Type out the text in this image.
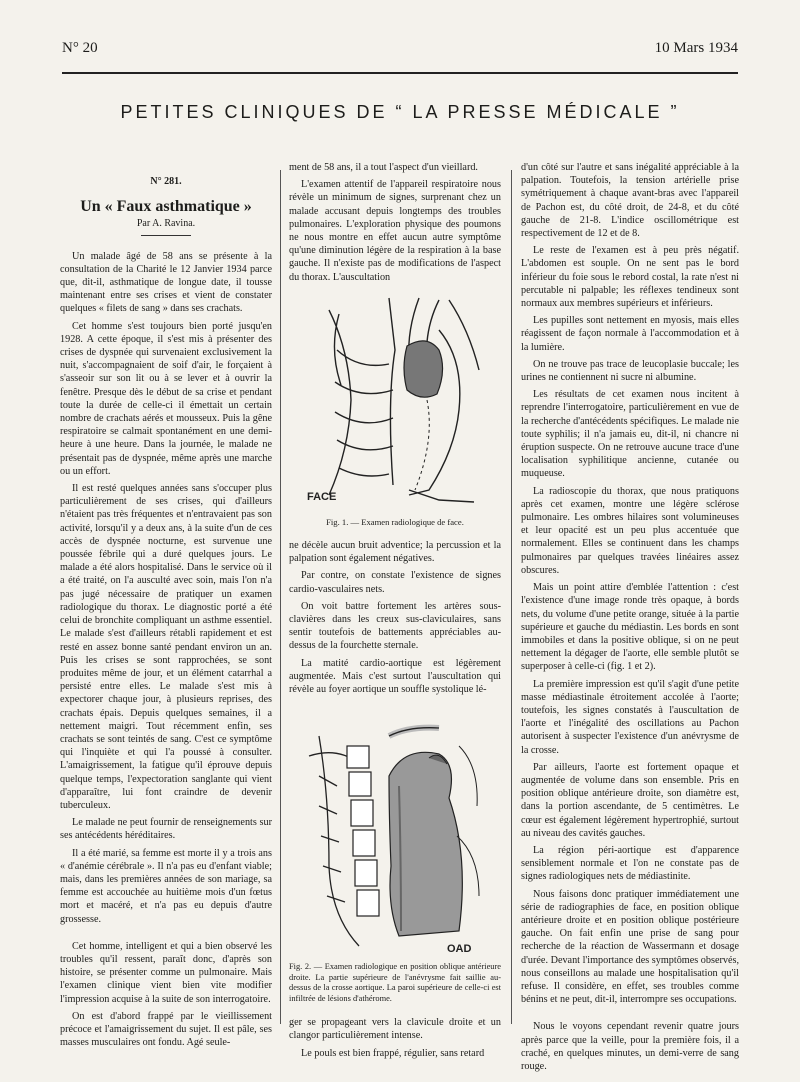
N° 20	10 Mars 1934
PETITES CLINIQUES DE “ LA PRESSE MÉDICALE ”
N° 281.
Un « Faux asthmatique »
Par A. Ravina.

Un malade âgé de 58 ans se présente à la consultation de la Charité le 12 Janvier 1934 parce que, dit-il, asthmatique de longue date, il tousse maintenant entre ses crises et vient de constater quelques « filets de sang » dans ses crachats.

Cet homme s'est toujours bien porté jusqu'en 1928. A cette époque, il s'est mis à présenter des crises de dyspnée qui survenaient exclusivement la nuit, s'accompagnaient de soif d'air, le forçaient à s'asseoir sur son lit ou à se lever et à ouvrir la fenêtre. Presque dès le début de sa crise et pendant toute la durée de celle-ci il émettait un certain nombre de crachats aérés et mousseux. Puis la gêne respiratoire se calmait spontanément en une demi-heure à une heure. Dans la journée, le malade ne présentait pas de dyspnée, même après une marche ou un effort.

Il est resté quelques années sans s'occuper plus particulièrement de ses crises, qui d'ailleurs n'étaient pas très fréquentes et n'entravaient pas son activité, lorsqu'il y a deux ans, à la suite d'un de ces accès de dyspnée nocturne, est survenue une poussée fébrile qui a duré quelques jours. Le malade a été alors hospitalisé. Dans le service où il a été traité, on l'a ausculté avec soin, mais l'on n'a pas jugé nécessaire de pratiquer un examen radiologique du thorax. Le diagnostic porté a été celui de bronchite compliquant un asthme essentiel. Le malade s'est d'ailleurs rétabli rapidement et est resté en assez bonne santé pendant environ un an. Puis les crises se sont rapprochées, se sont produites même de jour, et un élément catarrhal a persisté entre elles. Le malade s'est mis à expectorer chaque jour, à plusieurs reprises, des crachats épais. Depuis quelques semaines, il a nettement maigri. Tout récemment enfin, ses crachats se sont teintés de sang. C'est ce symptôme qui l'inquiète et qui l'a poussé à consulter. L'amaigrissement, la fatigue qu'il éprouve depuis quelque temps, l'expectoration sanglante qui vient d'apparaître, lui font craindre de devenir tuberculeux.

Le malade ne peut fournir de renseignements sur ses antécédents héréditaires.

Il a été marié, sa femme est morte il y a trois ans « d'anémie cérébrale ». Il n'a pas eu d'enfant viable; mais, dans les premières années de son mariage, sa femme est accouchée au huitième mois d'un fœtus mort et macéré, et n'a pas eu depuis d'autre grossesse.

Cet homme, intelligent et qui a bien observé les troubles qu'il ressent, paraît donc, d'après son histoire, se présenter comme un pulmonaire. Mais l'examen clinique vient bien vite modifier l'impression acquise à la suite de son interrogatoire.

On est d'abord frappé par le vieillissement précoce et l'amaigrissement du sujet. Il est pâle, ses masses musculaires ont fondu. Agé seule-

ment de 58 ans, il a tout l'aspect d'un vieillard.

L'examen attentif de l'appareil respiratoire nous révèle un minimum de signes, surprenant chez un malade accusant depuis longtemps des troubles pulmonaires. L'exploration physique des poumons ne nous montre en effet aucun autre symptôme qu'une diminution légère de la respiration à la base gauche. Il n'existe pas de modifications de l'aspect du thorax. L'auscultation

FACE
Fig. 1. — Examen radiologique de face.

ne décèle aucun bruit adventice; la percussion et la palpation sont également négatives.

Par contre, on constate l'existence de signes cardio-vasculaires nets.

On voit battre fortement les artères sous-clavières dans les creux sus-claviculaires, sans sentir toutefois de battements appréciables au-dessus de la fourchette sternale.

La matité cardio-aortique est légèrement augmentée. Mais c'est surtout l'auscultation qui révèle au foyer aortique un souffle systolique lé-

OAD
Fig. 2. — Examen radiologique en position oblique antérieure droite. La partie supérieure de l'anévrysme fait saillie au-dessus de la crosse aortique. La paroi supérieure de celle-ci est infiltrée de lésions d'athérome.

ger se propageant vers la clavicule droite et un clangor particulièrement intense.

Le pouls est bien frappé, régulier, sans retard

d'un côté sur l'autre et sans inégalité appréciable à la palpation. Toutefois, la tension artérielle prise symétriquement à chaque avant-bras avec l'appareil de Pachon est, du côté droit, de 24-8, et du côté gauche de 21-8. L'indice oscillométrique est respectivement de 12 et de 8.

Le reste de l'examen est à peu près négatif. L'abdomen est souple. On ne sent pas le bord inférieur du foie sous le rebord costal, la rate n'est ni percutable ni palpable; les réflexes tendineux sont normaux aux membres supérieurs et inférieurs.

Les pupilles sont nettement en myosis, mais elles réagissent de façon normale à l'accommodation et à la lumière.

On ne trouve pas trace de leucoplasie buccale; les urines ne contiennent ni sucre ni albumine.

Les résultats de cet examen nous incitent à reprendre l'interrogatoire, particulièrement en vue de la recherche d'antécédents spécifiques. Le malade nie toute syphilis; il n'a jamais eu, dit-il, ni chancre ni éruption suspecte. On ne retrouve aucune trace d'une localisation syphilitique ancienne, cutanée ou muqueuse.

La radioscopie du thorax, que nous pratiquons après cet examen, montre une légère sclérose pulmonaire. Les ombres hilaires sont volumineuses et leur opacité est un peu plus accentuée que normalement. Elles se continuent dans les champs pulmonaires par quelques travées linéaires assez obscures.

Mais un point attire d'emblée l'attention : c'est l'existence d'une image ronde très opaque, à bords nets, du volume d'une petite orange, située à la partie supérieure et gauche du médiastin. Les bords en sont immobiles et dans la positive oblique, si on ne peut nettement la dégager de l'aorte, elle semble plutôt se superposer à celle-ci (fig. 1 et 2).

La première impression est qu'il s'agit d'une petite masse médiastinale étroitement accolée à l'aorte; toutefois, les signes constatés à l'auscultation de l'aorte et l'inégalité des oscillations au Pachon autorisent à suspecter l'existence d'un anévrysme de la crosse.

Par ailleurs, l'aorte est fortement opaque et augmentée de volume dans son ensemble. Pris en position oblique antérieure droite, son diamètre est, dans la portion ascendante, de 5 centimètres. Le cœur est également légèrement hypertrophié, surtout au niveau des cavités gauches.

La région péri-aortique est d'apparence sensiblement normale et l'on ne constate pas de signes radiologiques nets de médiastinite.

Nous faisons donc pratiquer immédiatement une série de radiographies de face, en position oblique antérieure droite et en position oblique postérieure gauche. On fait enfin une prise de sang pour recherche de la réaction de Wassermann et dosage d'urée. Devant l'importance des symptômes observés, nous conseillons au malade une hospitalisation qu'il refuse. Il considère, en effet, ses troubles comme bénins et ne peut, dit-il, interrompre ses occupations.

Nous le voyons cependant revenir quatre jours après parce que la veille, pour la première fois, il a craché, en quelques minutes, un demi-verre de sang rouge.
